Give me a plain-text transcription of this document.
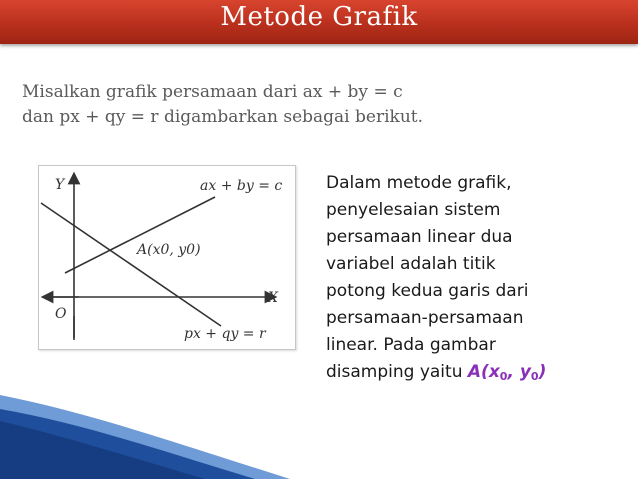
Metode Grafik
Misalkan grafik persamaan dari ax + by = c
dan px + qy = r digambarkan sebagai berikut.
Y
X
O
ax + by = c
px + qy = r
A(x0, y0)
Dalam metode grafik,
penyelesaian sistem
persamaan linear dua
variabel adalah titik
potong kedua garis dari
persamaan-persamaan
linear. Pada gambar
disamping yaitu $A(x_0$, $y_0$)
